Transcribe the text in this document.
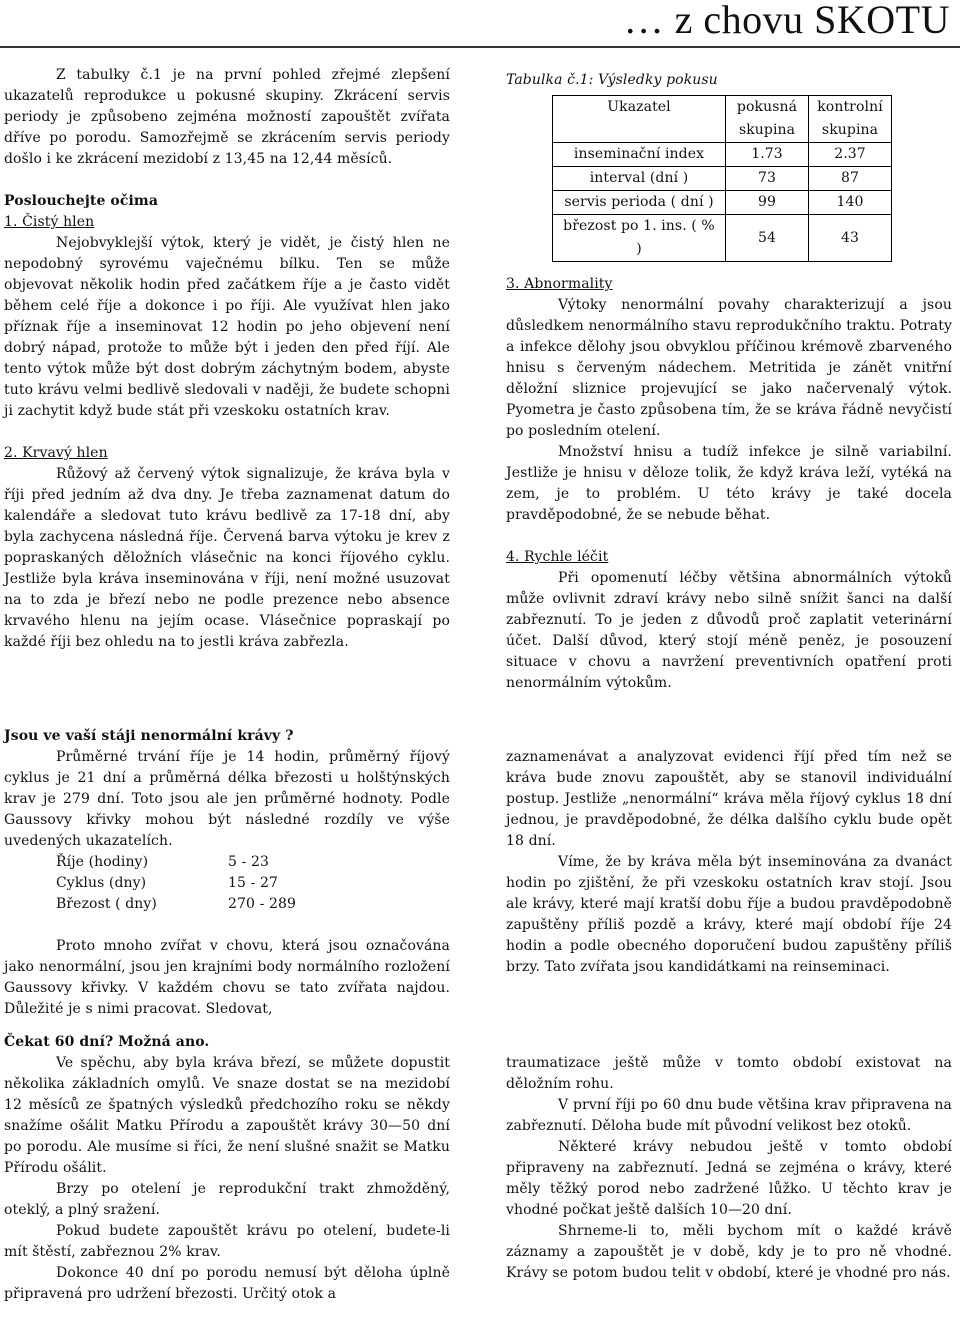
… z chovu SKOTU

Z tabulky č.1 je na první pohled zřejmé zlepšení ukazatelů reprodukce u pokusné skupiny. Zkrácení servis periody je způsobeno zejména možností zapouštět zvířata dříve po porodu. Samozřejmě se zkrácením servis periody došlo i ke zkrácení mezidobí z 13,45 na 12,44 měsíců.

Poslouchejte očima

1. Čistý hlen

Nejobvyklejší výtok, který je vidět, je čistý hlen ne nepodobný syrovému vaječnému bílku. Ten se může objevovat několik hodin před začátkem říje a je často vidět během celé říje a dokonce i po říji. Ale využívat hlen jako příznak říje a inseminovat 12 hodin po jeho objevení není dobrý nápad, protože to může být i jeden den před říjí. Ale tento výtok může být dost dobrým záchytným bodem, abyste tuto krávu velmi bedlivě sledovali v naději, že budete schopni ji zachytit když bude stát při vzeskoku ostatních krav.

2. Krvavý hlen

Růžový až červený výtok signalizuje, že kráva byla v říji před jedním až dva dny. Je třeba zaznamenat datum do kalendáře a sledovat tuto krávu bedlivě za 17-18 dní, aby byla zachycena následná říje. Červená barva výtoku je krev z popraskaných děložních vlásečnic na konci říjového cyklu. Jestliže byla kráva inseminována v říji, není možné usuzovat na to zda je březí nebo ne podle prezence nebo absence krvavého hlenu na jejím ocase. Vlásečnice popraskají po každé říji bez ohledu na to jestli kráva zabřezla.

Tabulka č.1: Výsledky pokusu

Ukazatel	pokusná skupina	kontrolní skupina
inseminační index	1.73	2.37
interval (dní )	73	87
servis perioda ( dní )	99	140
březost po 1. ins. ( % )	54	43

3. Abnormality

Výtoky nenormální povahy charakterizují a jsou důsledkem nenormálního stavu reprodukčního traktu. Potraty a infekce dělohy jsou obvyklou příčinou krémově zbarveného hnisu s červeným nádechem. Metritida je zánět vnitřní děložní sliznice projevující se jako načervenalý výtok. Pyometra je často způsobena tím, že se kráva řádně nevyčistí po posledním otelení.

Množství hnisu a tudíž infekce je silně variabilní. Jestliže je hnisu v děloze tolik, že když kráva leží, vytéká na zem, je to problém. U této krávy je také docela pravděpodobné, že se nebude běhat.

4. Rychle léčit

Při opomenutí léčby většina abnormálních výtoků může ovlivnit zdraví krávy nebo silně snížit šanci na další zabřeznutí. To je jeden z důvodů proč zaplatit veterinární účet. Další důvod, který stojí méně peněz, je posouzení situace v chovu a navržení preventivních opatření proti nenormálním výtokům.

Jsou ve vaší stáji nenormální krávy ?

Průměrné trvání říje je 14 hodin, průměrný říjový cyklus je 21 dní a průměrná délka březosti u holštýnských krav je 279 dní. Toto jsou ale jen průměrné hodnoty. Podle Gaussovy křivky mohou být následné rozdíly ve výše uvedených ukazatelích.

Říje (hodiny)	5 - 23
Cyklus (dny)	15 - 27
Březost ( dny)	270 - 289

Proto mnoho zvířat v chovu, která jsou označována jako nenormální, jsou jen krajními body normálního rozložení Gaussovy křivky. V každém chovu se tato zvířata najdou. Důležité je s nimi pracovat. Sledovat,

zaznamenávat a analyzovat evidenci říjí před tím než se kráva bude znovu zapouštět, aby se stanovil individuální postup. Jestliže „nenormální“ kráva měla říjový cyklus 18 dní jednou, je pravděpodobné, že délka dalšího cyklu bude opět 18 dní.

Víme, že by kráva měla být inseminována za dvanáct hodin po zjištění, že při vzeskoku ostatních krav stojí. Jsou ale krávy, které mají kratší dobu říje a budou pravděpodobně zapuštěny příliš pozdě a krávy, které mají období říje 24 hodin a podle obecného doporučení budou zapuštěny příliš brzy. Tato zvířata jsou kandidátkami na reinseminaci.

Čekat 60 dní? Možná ano.

Ve spěchu, aby byla kráva březí, se můžete dopustit několika základních omylů. Ve snaze dostat se na mezidobí 12 měsíců ze špatných výsledků předchozího roku se někdy snažíme ošálit Matku Přírodu a zapouštět krávy 30—50 dní po porodu. Ale musíme si říci, že není slušné snažit se Matku Přírodu ošálit.

Brzy po otelení je reprodukční trakt zhmožděný, oteklý, a plný sražení.

Pokud budete zapouštět krávu po otelení, budete-li mít štěstí, zabřeznou 2% krav.

Dokonce 40 dní po porodu nemusí být děloha úplně připravená pro udržení březosti. Určitý otok a

traumatizace ještě může v tomto období existovat na děložním rohu.

V první říji po 60 dnu bude většina krav připravena na zabřeznutí. Děloha bude mít původní velikost bez otoků.

Některé krávy nebudou ještě v tomto období připraveny na zabřeznutí. Jedná se zejména o krávy, které měly těžký porod nebo zadržené lůžko. U těchto krav je vhodné počkat ještě dalších 10—20 dní.

Shrneme-li to, měli bychom mít o každé krávě záznamy a zapouštět je v době, kdy je to pro ně vhodné. Krávy se potom budou telit v období, které je vhodné pro nás.
